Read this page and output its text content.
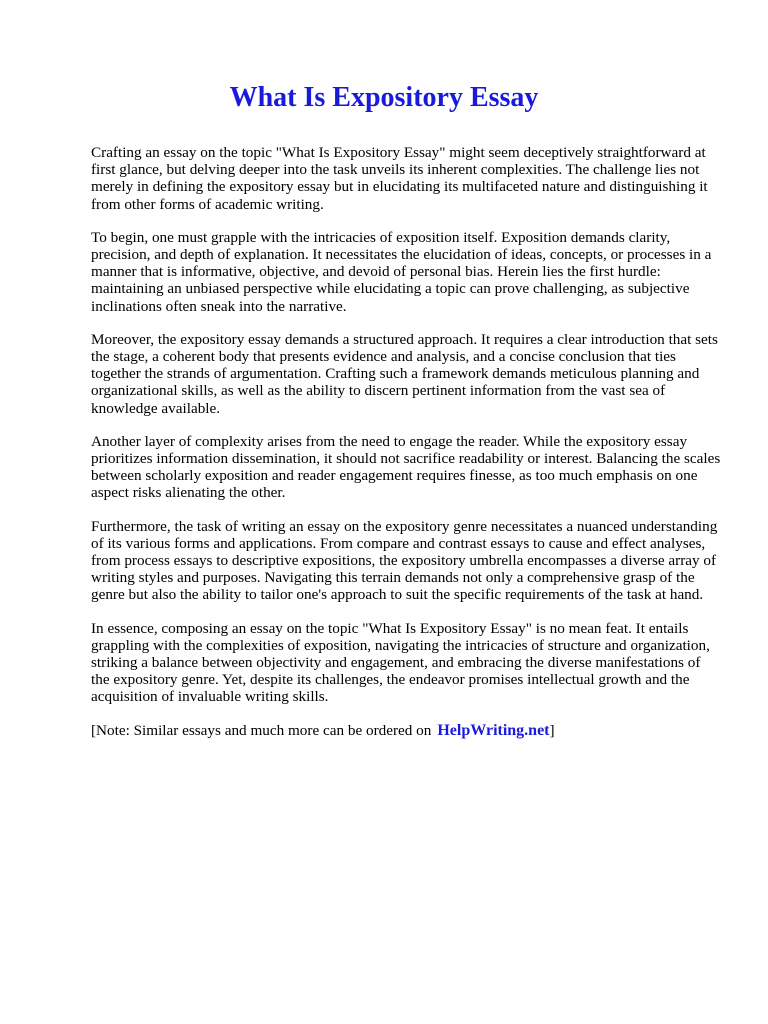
What Is Expository Essay

Crafting an essay on the topic "What Is Expository Essay" might seem deceptively straightforward at first glance, but delving deeper into the task unveils its inherent complexities. The challenge lies not merely in defining the expository essay but in elucidating its multifaceted nature and distinguishing it from other forms of academic writing.

To begin, one must grapple with the intricacies of exposition itself. Exposition demands clarity, precision, and depth of explanation. It necessitates the elucidation of ideas, concepts, or processes in a manner that is informative, objective, and devoid of personal bias. Herein lies the first hurdle: maintaining an unbiased perspective while elucidating a topic can prove challenging, as subjective inclinations often sneak into the narrative.

Moreover, the expository essay demands a structured approach. It requires a clear introduction that sets the stage, a coherent body that presents evidence and analysis, and a concise conclusion that ties together the strands of argumentation. Crafting such a framework demands meticulous planning and organizational skills, as well as the ability to discern pertinent information from the vast sea of knowledge available.

Another layer of complexity arises from the need to engage the reader. While the expository essay prioritizes information dissemination, it should not sacrifice readability or interest. Balancing the scales between scholarly exposition and reader engagement requires finesse, as too much emphasis on one aspect risks alienating the other.

Furthermore, the task of writing an essay on the expository genre necessitates a nuanced understanding of its various forms and applications. From compare and contrast essays to cause and effect analyses, from process essays to descriptive expositions, the expository umbrella encompasses a diverse array of writing styles and purposes. Navigating this terrain demands not only a comprehensive grasp of the genre but also the ability to tailor one's approach to suit the specific requirements of the task at hand.

In essence, composing an essay on the topic "What Is Expository Essay" is no mean feat. It entails grappling with the complexities of exposition, navigating the intricacies of structure and organization, striking a balance between objectivity and engagement, and embracing the diverse manifestations of the expository genre. Yet, despite its challenges, the endeavor promises intellectual growth and the acquisition of invaluable writing skills.

[Note: Similar essays and much more can be ordered on HelpWriting.net]
